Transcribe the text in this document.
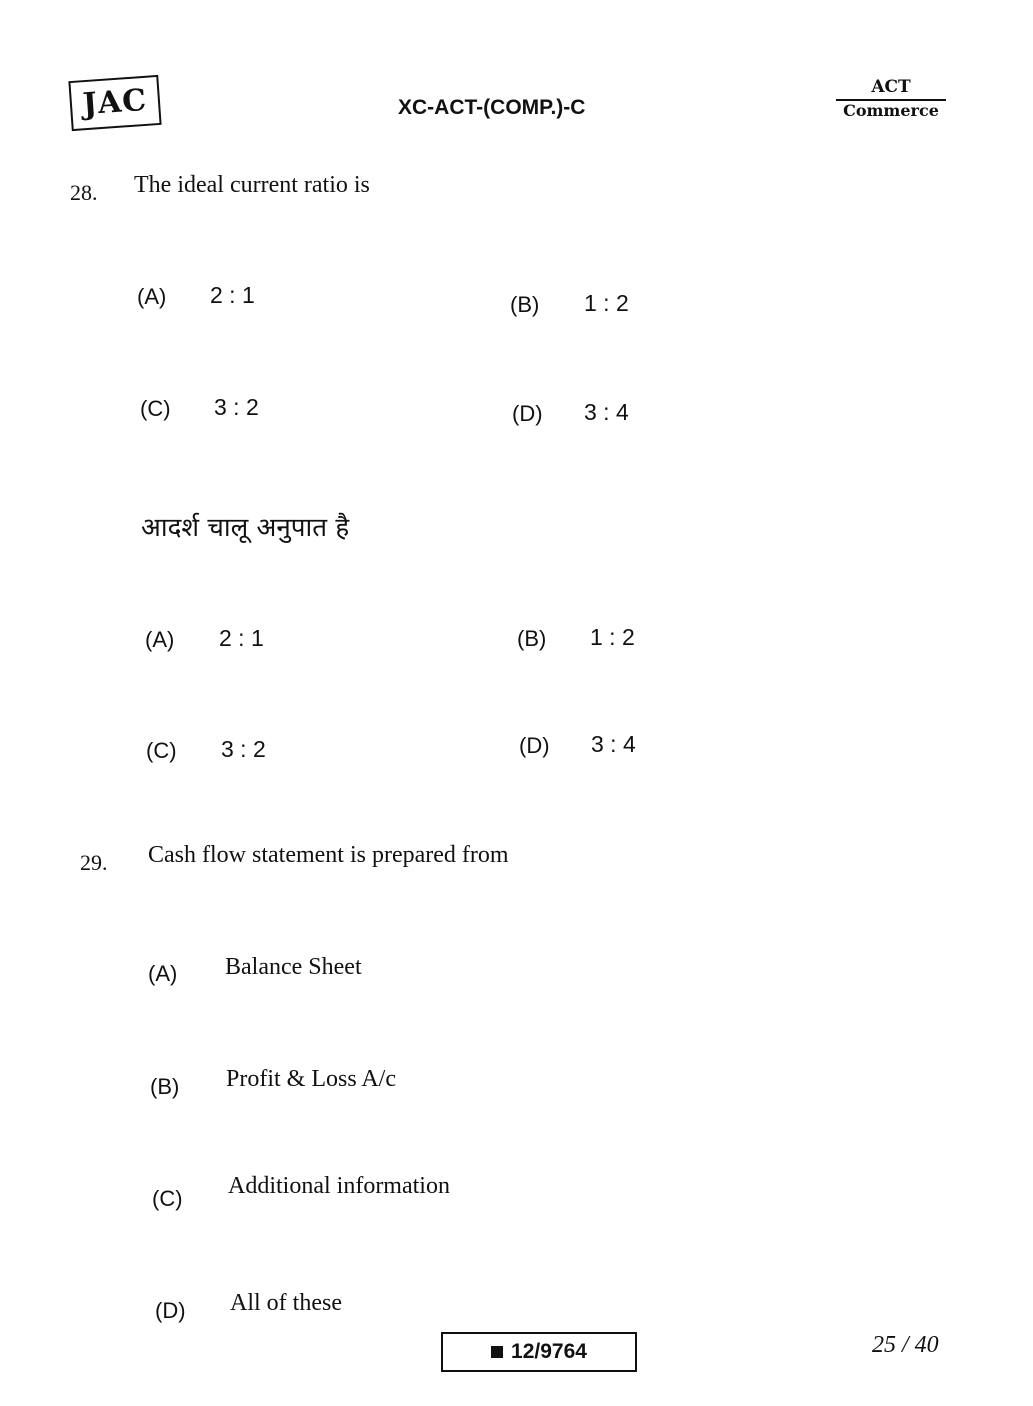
JAC	XC-ACT-(COMP.)-C
ACT
Commerce
28. The ideal current ratio is
(A) 2 : 1	(B) 1 : 2
(C) 3 : 2	(D) 3 : 4
आदर्श चालू अनुपात है
(A) 2 : 1	(B) 1 : 2
(C) 3 : 2	(D) 3 : 4
29. Cash flow statement is prepared from
(A) Balance Sheet
(B) Profit & Loss A/c
(C) Additional information
(D) All of these
12/9764	25 / 40
